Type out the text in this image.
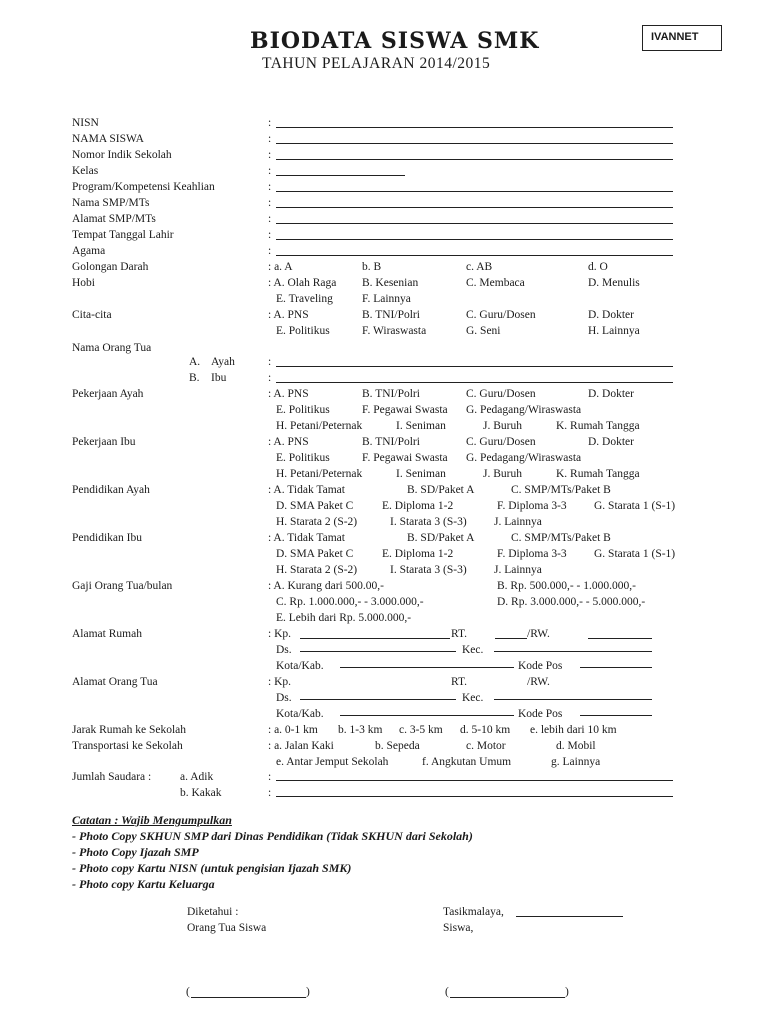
BIODATA SISWA SMK
TAHUN PELAJARAN 2014/2015
IVANNET
NISN	:
NAMA SISWA	:
Nomor Indik Sekolah	:
Kelas	:
Program/Kompetensi Keahlian	:
Nama SMP/MTs	:
Alamat SMP/MTs	:
Tempat Tanggal Lahir	:
Agama	:
Golongan Darah	: a. A	b. B	c. AB	d. O
Hobi	: A. Olah Raga B. Kesenian	C. Membaca	D. Menulis
E. Traveling	F. Lainnya
Cita-cita	: A. PNS	B. TNI/Polri	C. Guru/Dosen	D. Dokter
E. Politikus	F. Wiraswasta	G. Seni	H. Lainnya
Nama Orang Tua
A. Ayah	:
B. Ibu	:
Pekerjaan Ayah	: A. PNS	B. TNI/Polri	C. Guru/Dosen	D. Dokter
E. Politikus	F. Pegawai Swasta G. Pedagang/Wiraswasta
H. Petani/Peternak	I. Seniman	J. Buruh	K. Rumah Tangga
Pekerjaan Ibu	: A. PNS	B. TNI/Polri	C. Guru/Dosen	D. Dokter
E. Politikus	F. Pegawai Swasta G. Pedagang/Wiraswasta
H. Petani/Peternak	I. Seniman	J. Buruh	K. Rumah Tangga
Pendidikan Ayah	: A. Tidak Tamat	B. SD/Paket A	C. SMP/MTs/Paket B
D. SMA Paket C E. Diploma 1-2	F. Diploma 3-3 G. Starata 1 (S-1)
H. Starata 2 (S-2)	I. Starata 3 (S-3) J. Lainnya
Pendidikan Ibu	: A. Tidak Tamat	B. SD/Paket A	C. SMP/MTs/Paket B
D. SMA Paket C E. Diploma 1-2	F. Diploma 3-3 G. Starata 1 (S-1)
H. Starata 2 (S-2)	I. Starata 3 (S-3) J. Lainnya
Gaji Orang Tua/bulan	: A. Kurang dari 500.00,-	B. Rp. 500.000,- - 1.000.000,-
C. Rp. 1.000.000,- - 3.000.000,-	D. Rp. 3.000.000,- - 5.000.000,-
E. Lebih dari Rp. 5.000.000,-
Alamat Rumah	: Kp.	RT.	/RW.
Ds.	Kec.
Kota/Kab.	Kode Pos
Alamat Orang Tua	: Kp.	RT.	/RW.
Ds.	Kec.
Kota/Kab.	Kode Pos
Jarak Rumah ke Sekolah	: a. 0-1 km b. 1-3 km c. 3-5 km d. 5-10 km e. lebih dari 10 km
Transportasi ke Sekolah	: a. Jalan Kaki	b. Sepeda	c. Motor	d. Mobil
e. Antar Jemput Sekolah	f. Angkutan Umum	g. Lainnya
Jumlah Saudara :	a. Adik	:
b. Kakak	:
Catatan : Wajib Mengumpulkan
- Photo Copy SKHUN SMP dari Dinas Pendidikan (Tidak SKHUN dari Sekolah)
- Photo Copy Ijazah SMP
- Photo copy Kartu NISN (untuk pengisian Ijazah SMK)
- Photo copy Kartu Keluarga
Diketahui :
Orang Tua Siswa
(	)
Tasikmalaya,
Siswa,
(	)
